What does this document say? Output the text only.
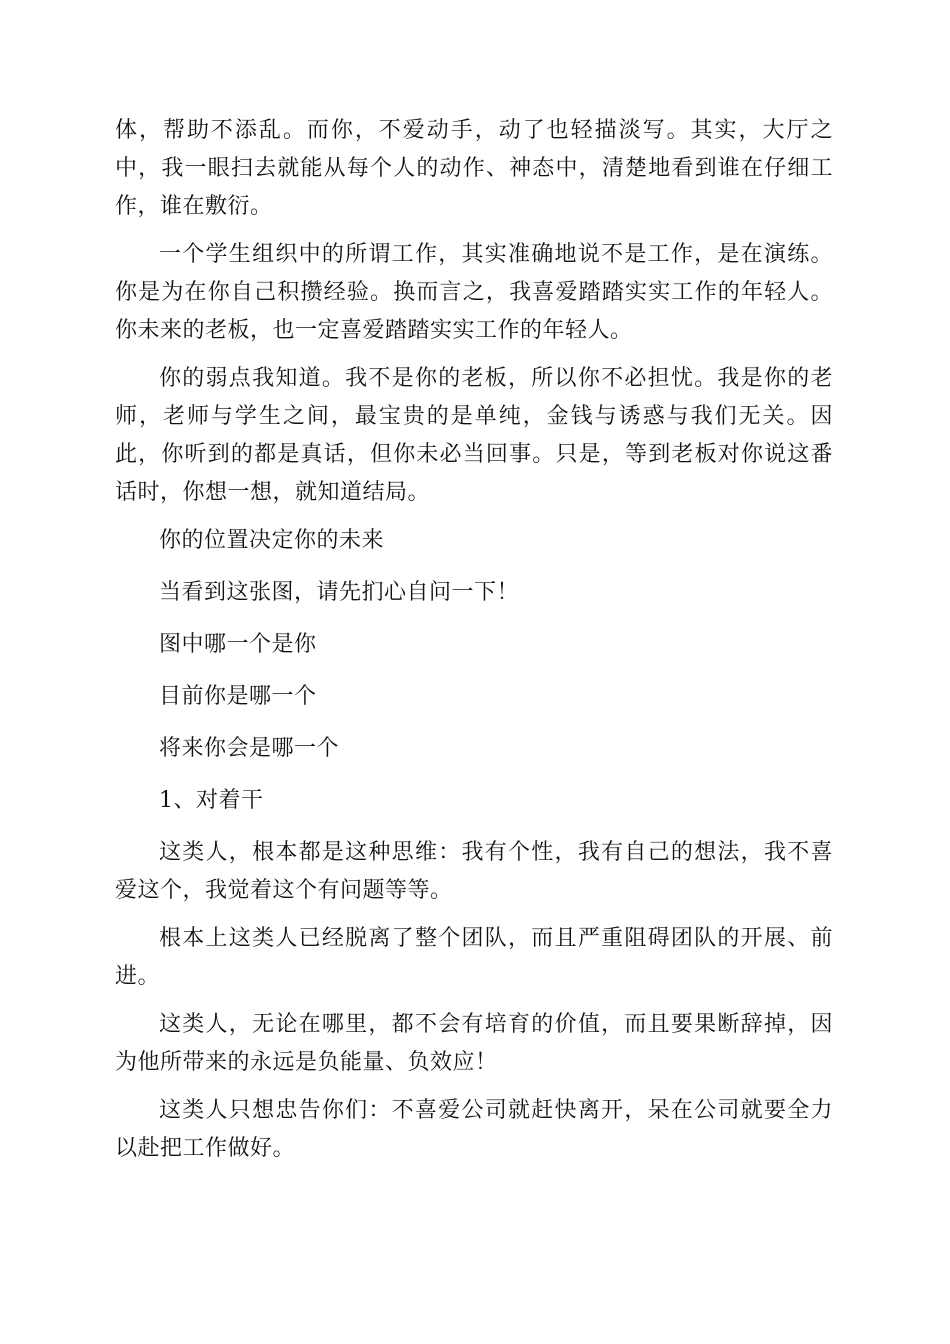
体，帮助不添乱。而你，不爱动手，动了也轻描淡写。其实，大厅之中，我一眼扫去就能从每个人的动作、神态中，清楚地看到谁在仔细工作，谁在敷衍。

一个学生组织中的所谓工作，其实准确地说不是工作，是在演练。你是为在你自己积攒经验。换而言之，我喜爱踏踏实实工作的年轻人。你未来的老板，也一定喜爱踏踏实实工作的年轻人。

你的弱点我知道。我不是你的老板，所以你不必担忧。我是你的老师，老师与学生之间，最宝贵的是单纯，金钱与诱惑与我们无关。因此，你听到的都是真话，但你未必当回事。只是，等到老板对你说这番话时，你想一想，就知道结局。

你的位置决定你的未来

当看到这张图，请先扪心自问一下！

图中哪一个是你

目前你是哪一个

将来你会是哪一个

1、对着干

这类人，根本都是这种思维：我有个性，我有自己的想法，我不喜爱这个，我觉着这个有问题等等。

根本上这类人已经脱离了整个团队，而且严重阻碍团队的开展、前进。

这类人，无论在哪里，都不会有培育的价值，而且要果断辞掉，因为他所带来的永远是负能量、负效应！

这类人只想忠告你们：不喜爱公司就赶快离开，呆在公司就要全力以赴把工作做好。
